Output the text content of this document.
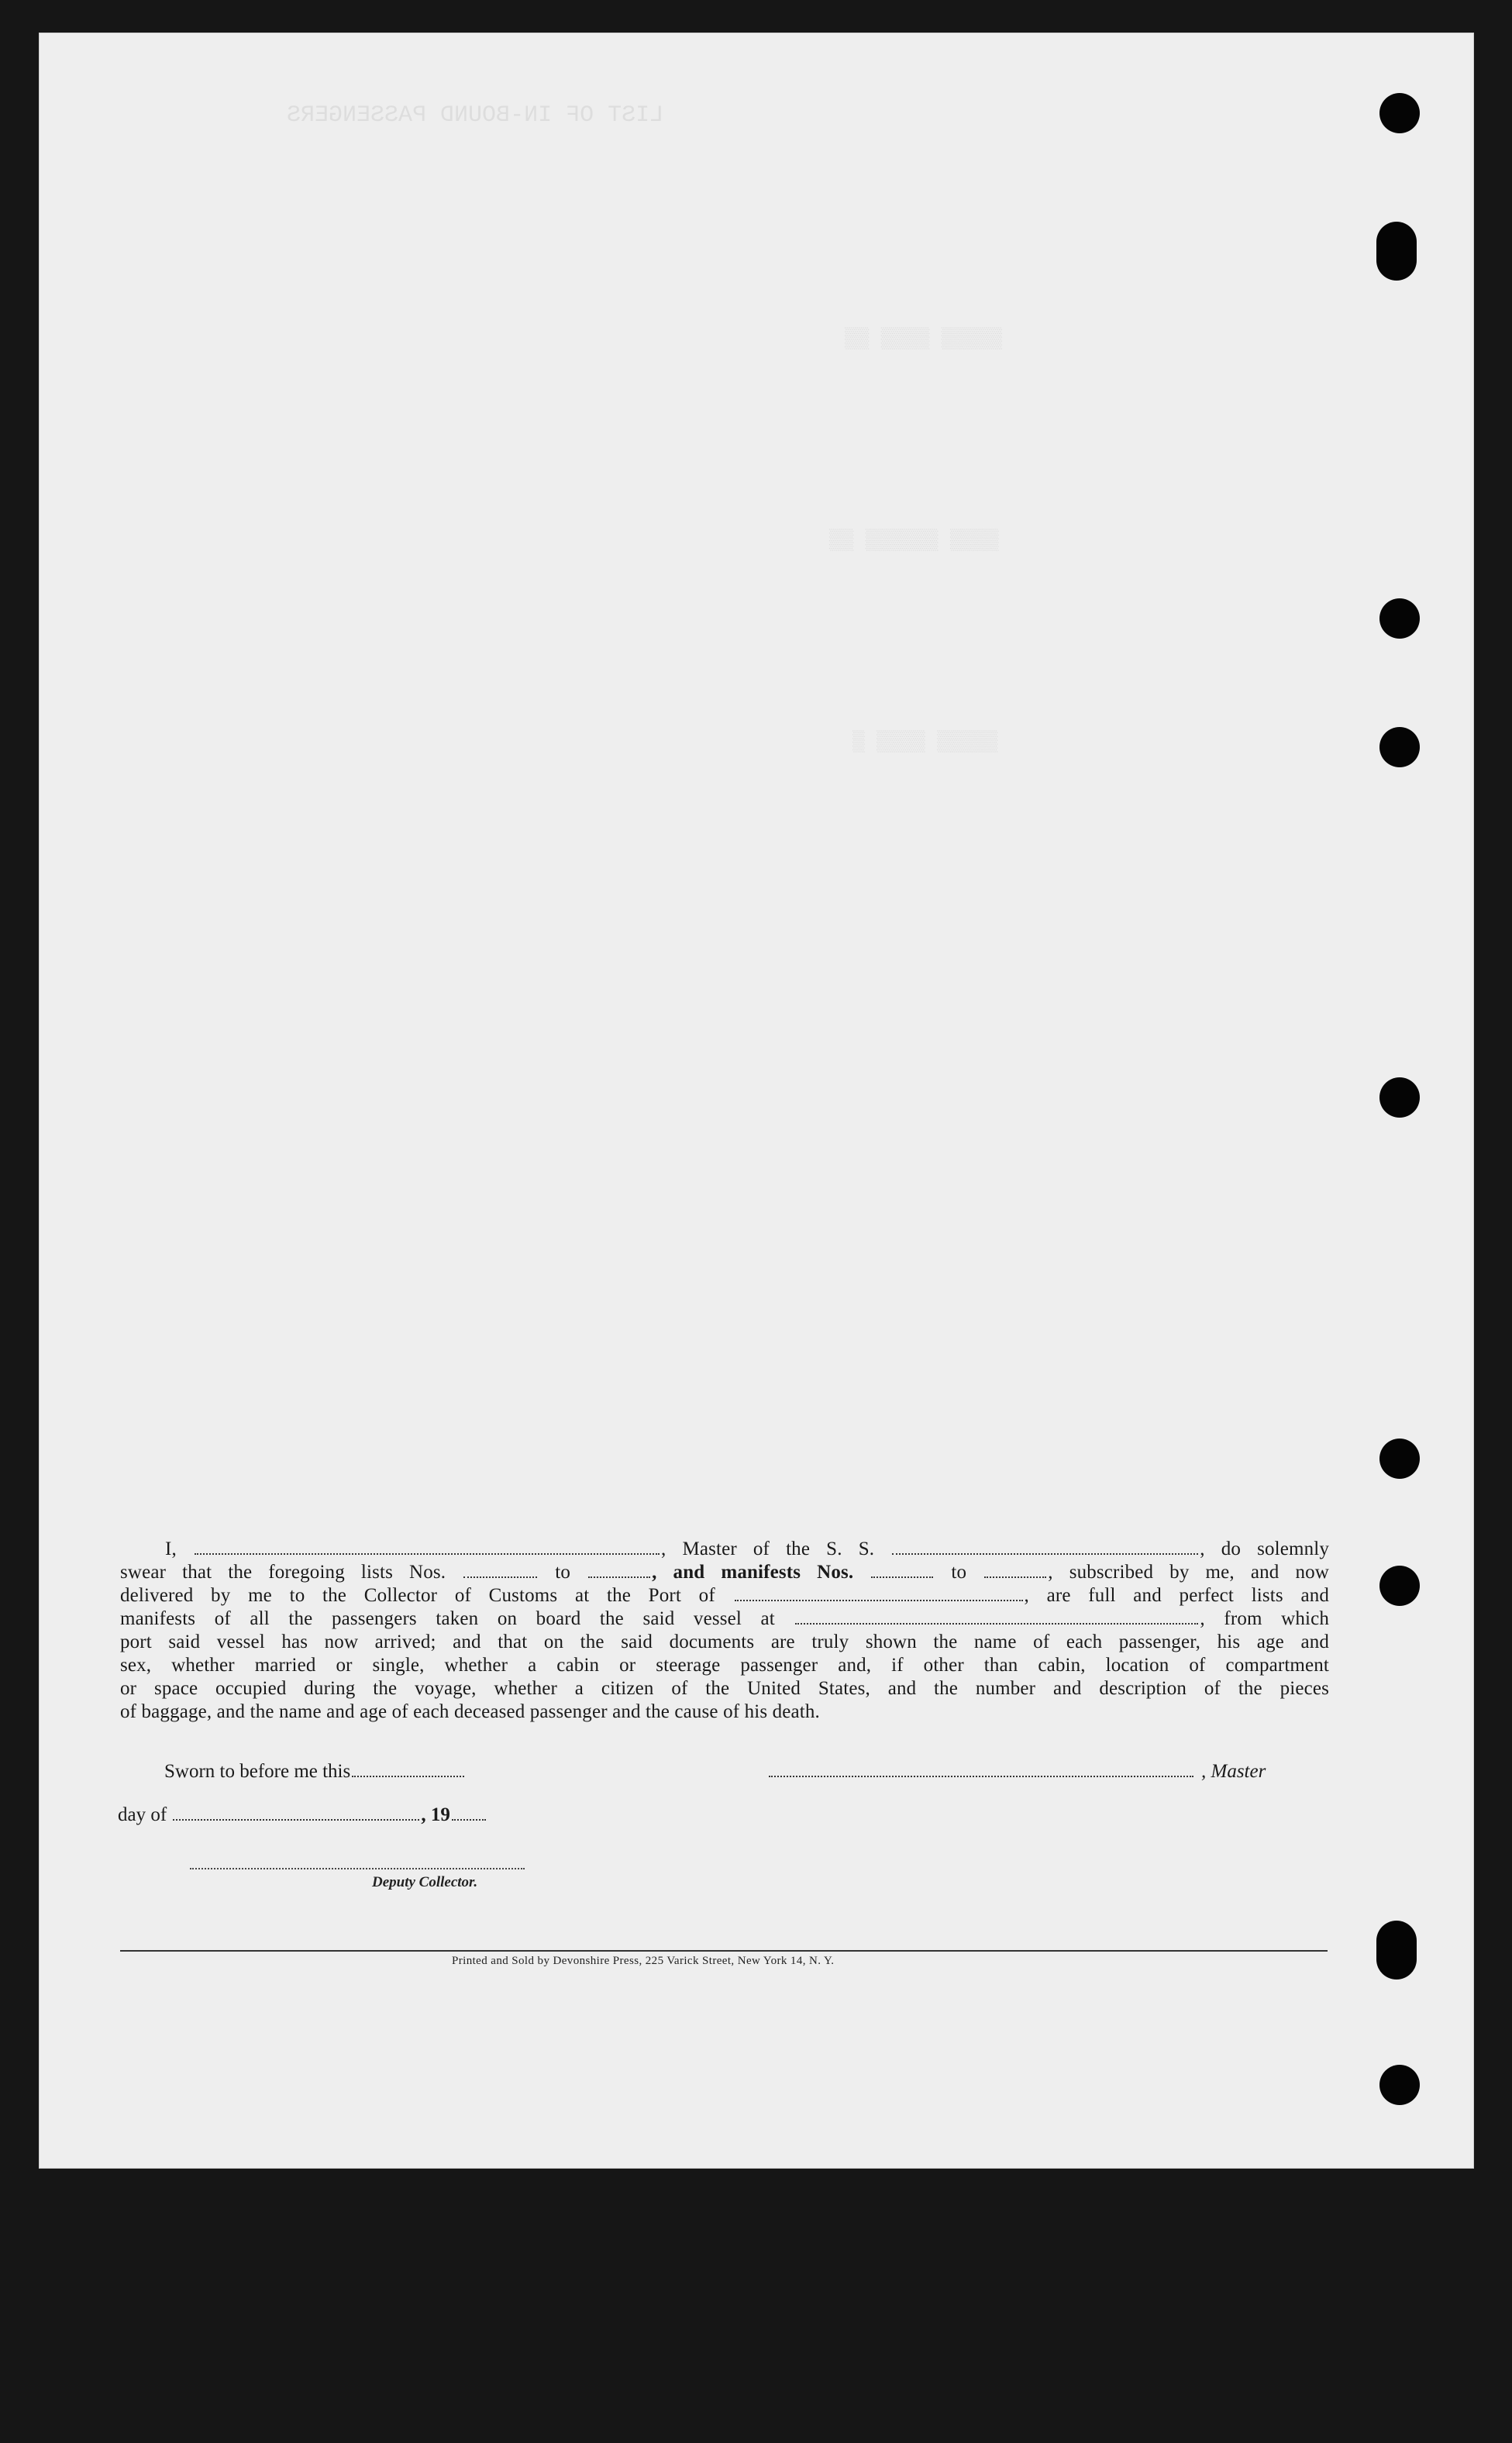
LIST OF IN-BOUND PASSENGERS
▒▒▒▒▒ ▒▒▒▒ ▒▒
▒▒▒▒ ▒▒▒▒▒▒ ▒▒
▒▒▒▒▒ ▒▒▒▒ ▒
I,	, Master of the S. S.	, do solemnly
swear that the foregoing lists Nos.	to	, and manifests Nos.	to	, subscribed by me, and now
delivered by me to the Collector of Customs at the Port of	, are full and perfect lists and
manifests of all the passengers taken on board the said vessel at	, from which
port said vessel has now arrived; and that on the said documents are truly shown the name of each passenger, his age and
sex, whether married or single, whether a cabin or steerage passenger and, if other than cabin, location of compartment
or space occupied during the voyage, whether a citizen of the United States, and the number and description of the pieces
of baggage, and the name and age of each deceased passenger and the cause of his death.
Sworn to before me this	, Master
day of	, 19
Deputy Collector.
Printed and Sold by Devonshire Press, 225 Varick Street, New York 14, N. Y.
